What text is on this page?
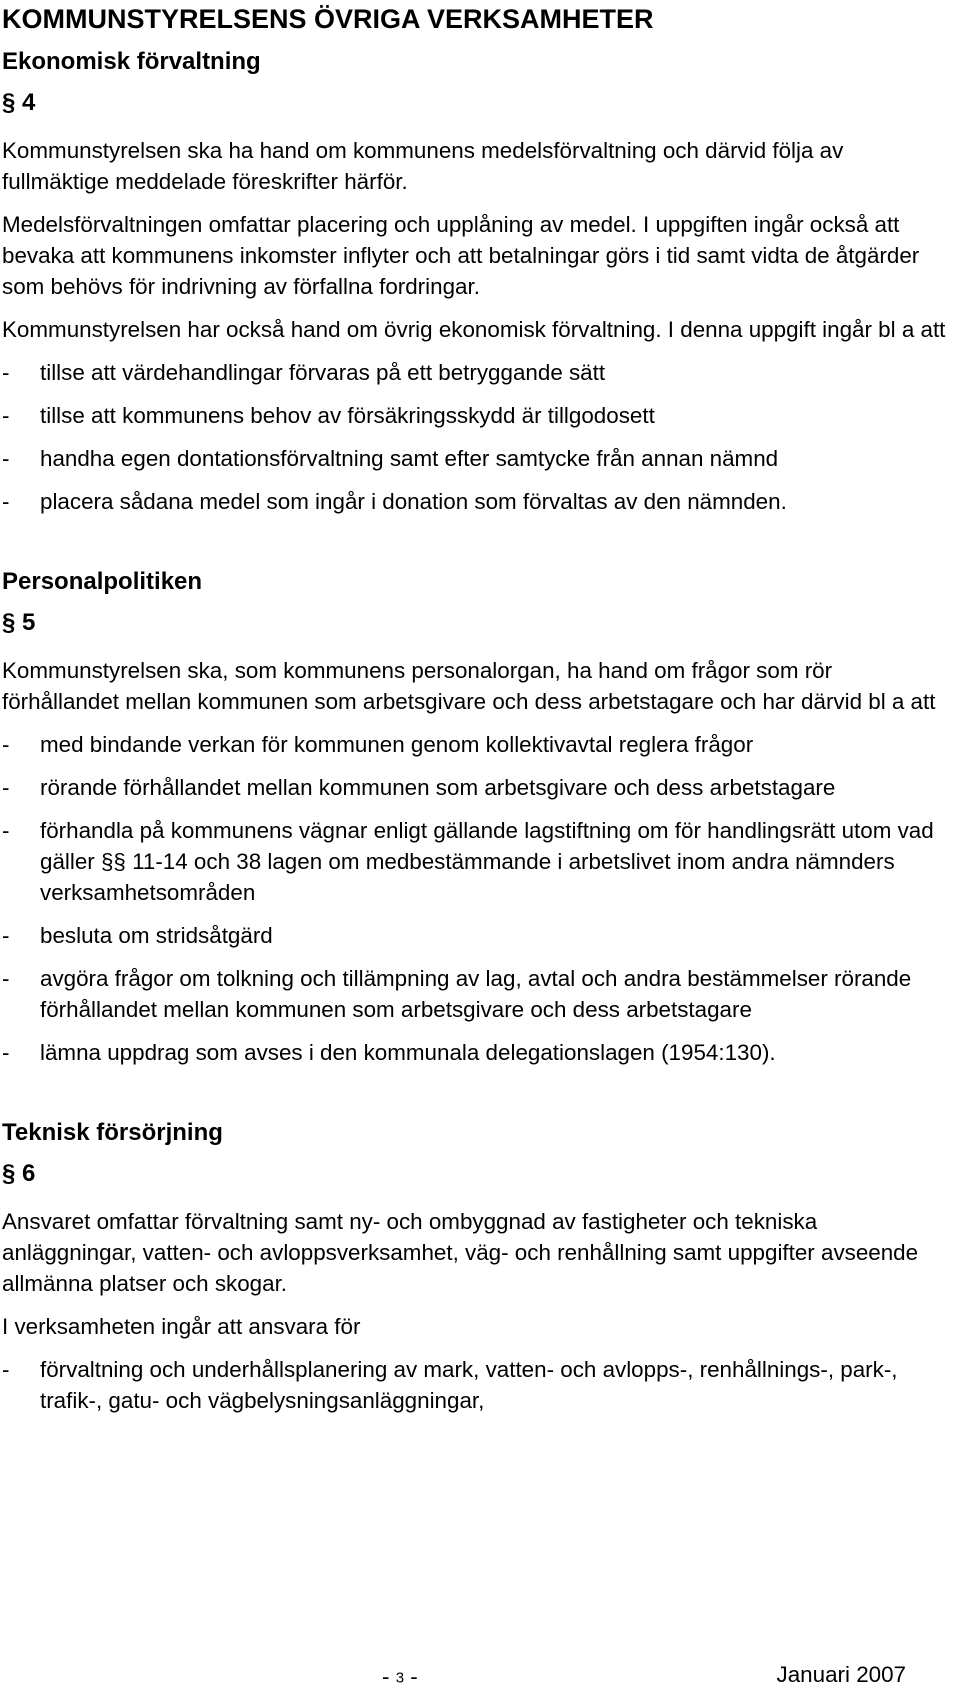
KOMMUNSTYRELSENS ÖVRIGA VERKSAMHETER
Ekonomisk förvaltning
§ 4

Kommunstyrelsen ska ha hand om kommunens medelsförvaltning och därvid följa av fullmäktige meddelade föreskrifter härför.

Medelsförvaltningen omfattar placering och upplåning av medel. I uppgiften ingår också att bevaka att kommunens inkomster inflyter och att betalningar görs i tid samt vidta de åtgärder som behövs för indrivning av förfallna fordringar.

Kommunstyrelsen har också hand om övrig ekonomisk förvaltning. I denna uppgift ingår bl a att

- tillse att värdehandlingar förvaras på ett betryggande sätt
- tillse att kommunens behov av försäkringsskydd är tillgodosett
- handha egen dontationsförvaltning samt efter samtycke från annan nämnd
- placera sådana medel som ingår i donation som förvaltas av den nämnden.
Personalpolitiken
§ 5

Kommunstyrelsen ska, som kommunens personalorgan, ha hand om frågor som rör förhållandet mellan kommunen som arbetsgivare och dess arbetstagare och har därvid bl a att

- med bindande verkan för kommunen genom kollektivavtal reglera frågor
- rörande förhållandet mellan kommunen som arbetsgivare och dess arbetstagare
- förhandla på kommunens vägnar enligt gällande lagstiftning om för handlingsrätt utom vad gäller §§ 11-14 och 38 lagen om medbestämmande i arbetslivet inom andra nämnders verksamhetsområden
- besluta om stridsåtgärd
- avgöra frågor om tolkning och tillämpning av lag, avtal och andra bestämmelser rörande förhållandet mellan kommunen som arbetsgivare och dess arbetstagare
- lämna uppdrag som avses i den kommunala delegationslagen (1954:130).
Teknisk försörjning
§ 6

Ansvaret omfattar förvaltning samt ny- och ombyggnad av fastigheter och tekniska anläggningar, vatten- och avloppsverksamhet, väg- och renhållning samt uppgifter avseende allmänna platser och skogar.

I verksamheten ingår att ansvara för

- förvaltning och underhållsplanering av mark, vatten- och avlopps-, renhållnings-, park-, trafik-, gatu- och vägbelysningsanläggningar,
- 3 -	Januari 2007
